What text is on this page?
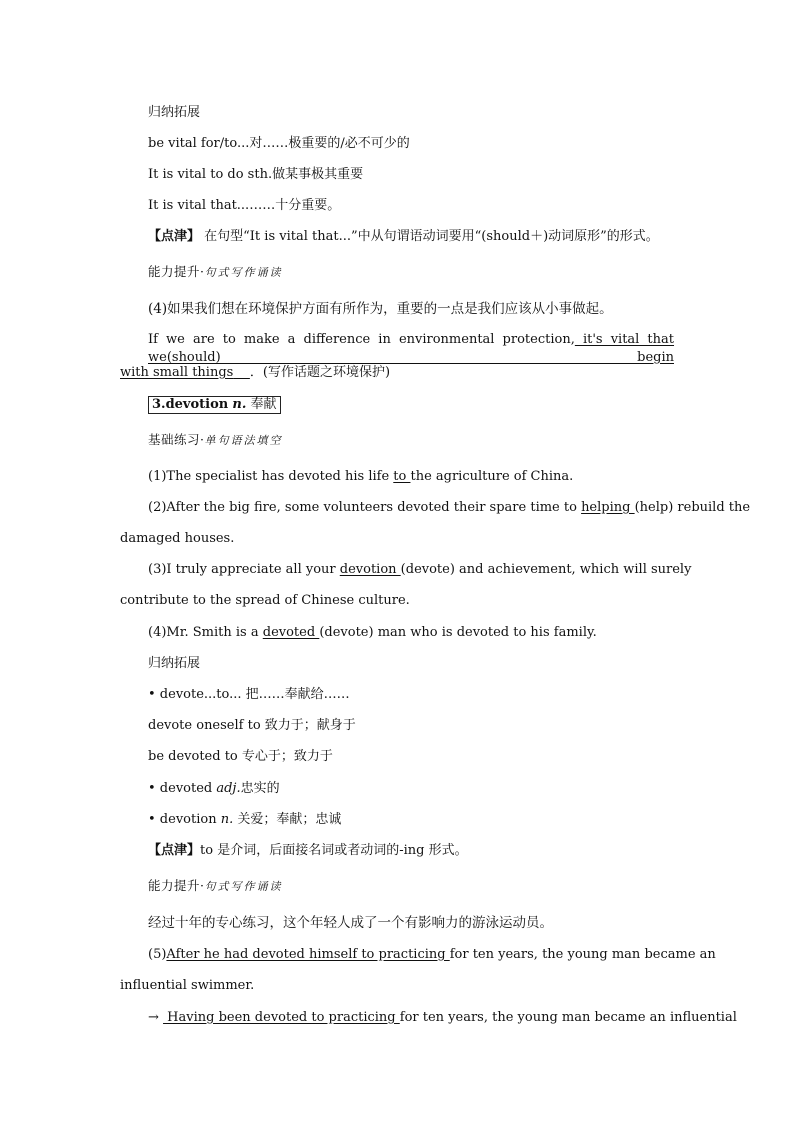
归纳拓展
be vital for/to...对……极重要的/必不可少的
It is vital to do sth.做某事极其重要
It is vital that...……十分重要。
【点津】 在句型“It is vital that...”中从句谓语动词要用“(should＋)动词原形”的形式。
能力提升·句式写作诵读
(4)如果我们想在环境保护方面有所作为，重要的一点是我们应该从小事做起。
If we are to make a difference in environmental protection, it's vital that we(should) begin
with small things ．(写作话题之环境保护)
3.devotion n. 奉献
基础练习·单句语法填空
(1)The specialist has devoted his life to the agriculture of China.
(2)After the big fire, some volunteers devoted their spare time to helping (help) rebuild the
damaged houses.
(3)I truly appreciate all your devotion (devote) and achievement, which will surely
contribute to the spread of Chinese culture.
(4)Mr. Smith is a devoted (devote) man who is devoted to his family.
归纳拓展
• devote...to... 把……奉献给……
devote oneself to 致力于；献身于
be devoted to 专心于；致力于
• devoted adj.忠实的
• devotion n. 关爱；奉献；忠诚
【点津】to 是介词，后面接名词或者动词的-ing 形式。
能力提升·句式写作诵读
经过十年的专心练习，这个年轻人成了一个有影响力的游泳运动员。
(5)After he had devoted himself to practicing for ten years, the young man became an
influential swimmer.
→  Having been devoted to practicing for ten years, the young man became an influential
